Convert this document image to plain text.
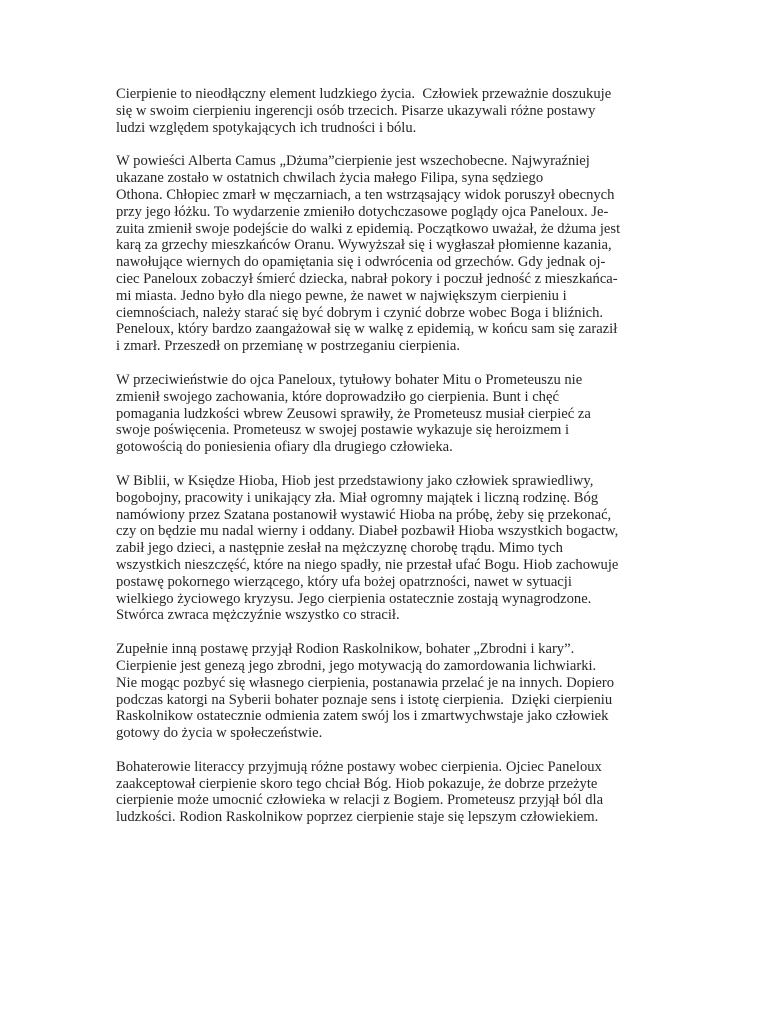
Cierpienie to nieodłączny element ludzkiego życia.  Człowiek przeważnie doszukuje
się w swoim cierpieniu ingerencji osób trzecich. Pisarze ukazywali różne postawy
ludzi względem spotykających ich trudności i bólu.

W powieści Alberta Camus „Dżuma”cierpienie jest wszechobecne. Najwyraźniej
ukazane zostało w ostatnich chwilach życia małego Filipa, syna sędziego
Othona. Chłopiec zmarł w męczarniach, a ten wstrząsający widok poruszył obecnych
przy jego łóżku. To wydarzenie zmieniło dotychczasowe poglądy ojca Paneloux. Je-
zuita zmienił swoje podejście do walki z epidemią. Początkowo uważał, że dżuma jest
karą za grzechy mieszkańców Oranu. Wywyższał się i wygłaszał płomienne kazania,
nawołujące wiernych do opamiętania się i odwrócenia od grzechów. Gdy jednak oj-
ciec Paneloux zobaczył śmierć dziecka, nabrał pokory i poczuł jedność z mieszkańca-
mi miasta. Jedno było dla niego pewne, że nawet w największym cierpieniu i
ciemnościach, należy starać się być dobrym i czynić dobrze wobec Boga i bliźnich.
Peneloux, który bardzo zaangażował się w walkę z epidemią, w końcu sam się zaraził
i zmarł. Przeszedł on przemianę w postrzeganiu cierpienia.

W przeciwieństwie do ojca Paneloux, tytułowy bohater Mitu o Prometeuszu nie
zmienił swojego zachowania, które doprowadziło go cierpienia. Bunt i chęć
pomagania ludzkości wbrew Zeusowi sprawiły, że Prometeusz musiał cierpieć za
swoje poświęcenia. Prometeusz w swojej postawie wykazuje się heroizmem i
gotowością do poniesienia ofiary dla drugiego człowieka.

W Biblii, w Księdze Hioba, Hiob jest przedstawiony jako człowiek sprawiedliwy,
bogobojny, pracowity i unikający zła. Miał ogromny majątek i liczną rodzinę. Bóg
namówiony przez Szatana postanowił wystawić Hioba na próbę, żeby się przekonać,
czy on będzie mu nadal wierny i oddany. Diabeł pozbawił Hioba wszystkich bogactw,
zabił jego dzieci, a następnie zesłał na mężczyznę chorobę trądu. Mimo tych
wszystkich nieszczęść, które na niego spadły, nie przestał ufać Bogu. Hiob zachowuje
postawę pokornego wierzącego, który ufa bożej opatrzności, nawet w sytuacji
wielkiego życiowego kryzysu. Jego cierpienia ostatecznie zostają wynagrodzone.
Stwórca zwraca mężczyźnie wszystko co stracił.

Zupełnie inną postawę przyjął Rodion Raskolnikow, bohater „Zbrodni i kary”.
Cierpienie jest genezą jego zbrodni, jego motywacją do zamordowania lichwiarki.
Nie mogąc pozbyć się własnego cierpienia, postanawia przelać je na innych. Dopiero
podczas katorgi na Syberii bohater poznaje sens i istotę cierpienia.  Dzięki cierpieniu
Raskolnikow ostatecznie odmienia zatem swój los i zmartwychwstaje jako człowiek
gotowy do życia w społeczeństwie.

Bohaterowie literaccy przyjmują różne postawy wobec cierpienia. Ojciec Paneloux
zaakceptował cierpienie skoro tego chciał Bóg. Hiob pokazuje, że dobrze przeżyte
cierpienie może umocnić człowieka w relacji z Bogiem. Prometeusz przyjął ból dla
ludzkości. Rodion Raskolnikow poprzez cierpienie staje się lepszym człowiekiem.
